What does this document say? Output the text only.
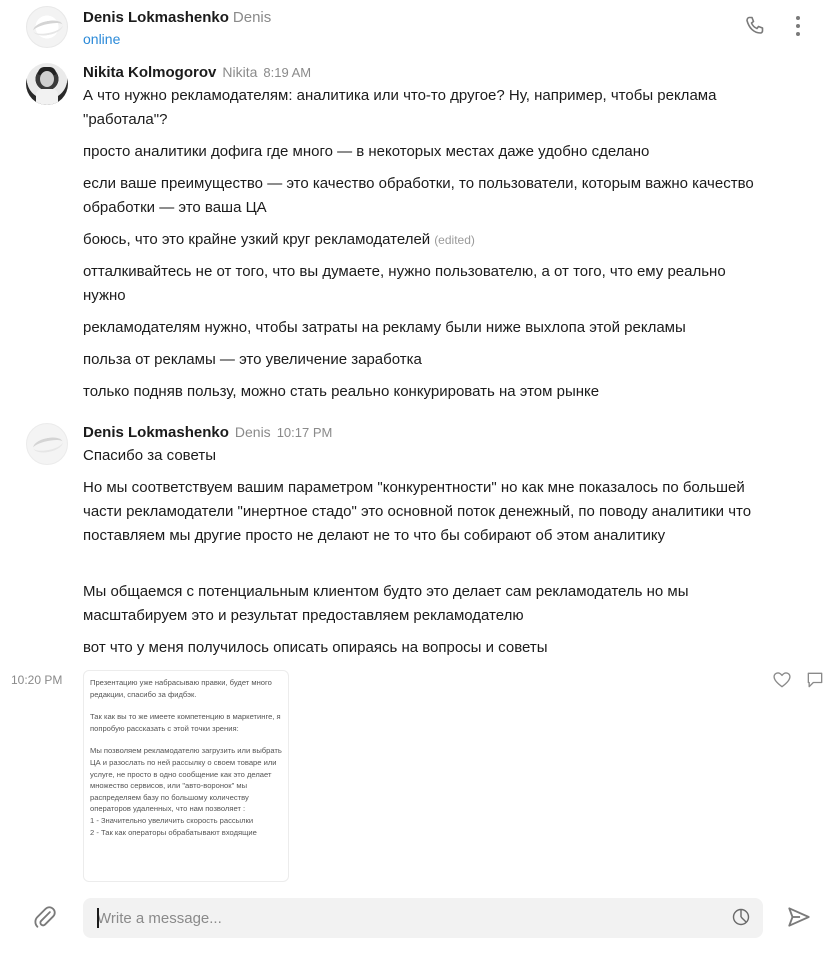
Denis Lokmashenko Denis
online
Nikita Kolmogorov Nikita 8:19 AM
А что нужно рекламодателям: аналитика или что-то другое? Ну, например, чтобы реклама "работала"?
просто аналитики дофига где много — в некоторых местах даже удобно сделано
если ваше преимущество — это качество обработки, то пользователи, которым важно качество обработки — это ваша ЦА
боюсь, что это крайне узкий круг рекламодателей (edited)
отталкивайтесь не от того, что вы думаете, нужно пользователю, а от того, что ему реально нужно
рекламодателям нужно, чтобы затраты на рекламу были ниже выхлопа этой рекламы
польза от рекламы — это увеличение заработка
только подняв пользу, можно стать реально конкурировать на этом рынке
Denis Lokmashenko Denis 10:17 PM
Спасибо за советы
Но мы соответствуем вашим параметром "конкурентности" но как мне показалось по большей части рекламодатели "инертное стадо" это основной поток денежный, по поводу аналитики что поставляем мы другие просто не делают не то что бы собирают об этом аналитику
Мы общаемся с потенциальным клиентом будто это делает сам рекламодатель но мы масштабируем это и результат предоставляем рекламодателю
вот что у меня получилось описать опираясь на вопросы и советы
10:20 PM	Презентацию уже набрасываю правки, будет много редакции, спасибо за фидбэк.

Так как вы то же имеете компетенцию в маркетинге, я попробую рассказать с этой точки зрения:

Мы позволяем рекламодателю загрузить или выбрать ЦА и разослать по ней рассылку о своем товаре или услуге, не просто в одно сообщение как это делает множество сервисов, или "авто-воронок" мы распределяем базу по большому количеству операторов удаленных, что нам позволяет :

1 - Значительно увеличить скорость рассылки
2 - Так как операторы обрабатывают входящие
Write a message...
